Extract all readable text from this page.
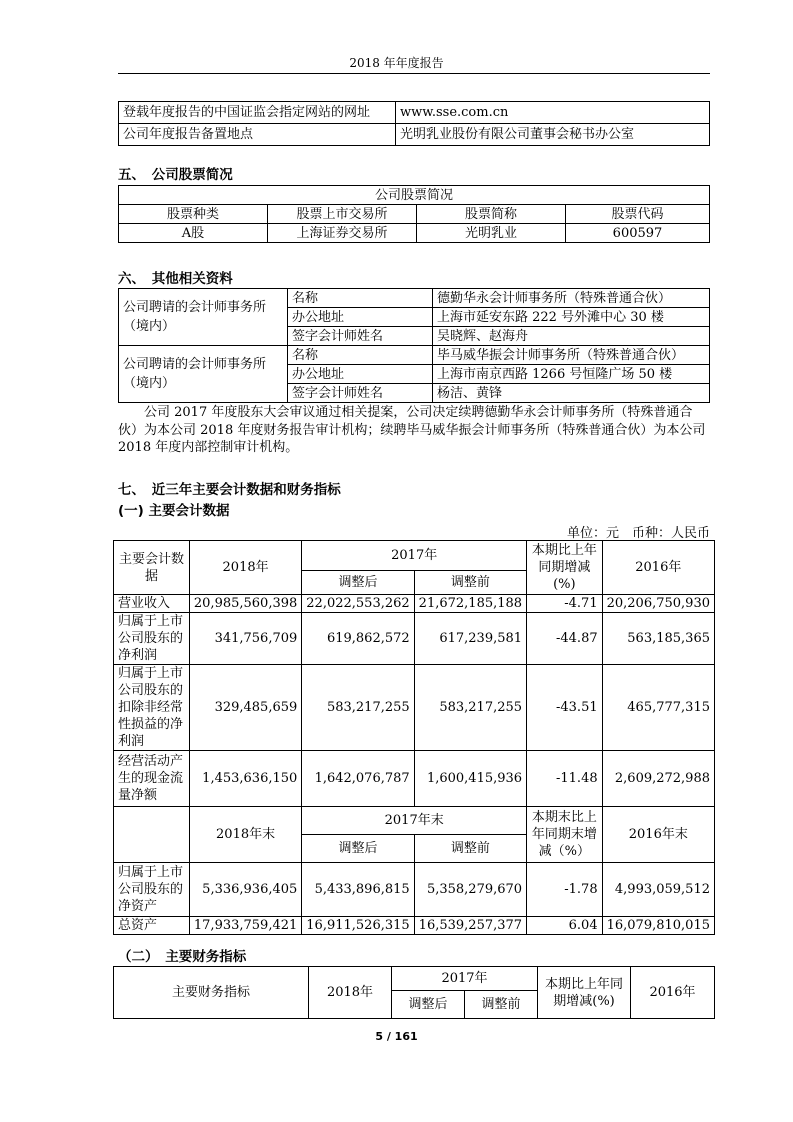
2018 年年度报告
登载年度报告的中国证监会指定网站的网址	www.sse.com.cn
公司年度报告备置地点	光明乳业股份有限公司董事会秘书办公室
五、　公司股票简况
公司股票简况			
股票种类	股票上市交易所	股票简称	股票代码
A股	上海证券交易所	光明乳业	600597
六、　其他相关资料
公司聘请的会计师事务所（境内）	名称	德勤华永会计师事务所（特殊普通合伙）
	办公地址	上海市延安东路 222 号外滩中心 30 楼
	签字会计师姓名	吴晓辉、赵海舟
公司聘请的会计师事务所（境内）	名称	毕马威华振会计师事务所（特殊普通合伙）
	办公地址	上海市南京西路 1266 号恒隆广场 50 楼
	签字会计师姓名	杨洁、黄锋
公司 2017 年度股东大会审议通过相关提案，公司决定续聘德勤华永会计师事务所（特殊普通合伙）为本公司 2018 年度财务报告审计机构；续聘毕马威华振会计师事务所（特殊普通合伙）为本公司 2018 年度内部控制审计机构。
七、　近三年主要会计数据和财务指标
(一) 主要会计数据
单位：元　币种：人民币
主要会计数据	2018年	2017年		本期比上年同期增减(%)	2016年
		调整后	调整前		
营业收入	20,985,560,398	22,022,553,262	21,672,185,188	-4.71	20,206,750,930
归属于上市公司股东的净利润	341,756,709	619,862,572	617,239,581	-44.87	563,185,365
归属于上市公司股东的扣除非经常性损益的净利润	329,485,659	583,217,255	583,217,255	-43.51	465,777,315
经营活动产生的现金流量净额	1,453,636,150	1,642,076,787	1,600,415,936	-11.48	2,609,272,988
	2018年末	2017年末		本期末比上年同期末增减（%）	2016年末
		调整后	调整前		
归属于上市公司股东的净资产	5,336,936,405	5,433,896,815	5,358,279,670	-1.78	4,993,059,512
总资产	17,933,759,421	16,911,526,315	16,539,257,377	6.04	16,079,810,015
（二）　主要财务指标
主要财务指标	2018年	2017年		本期比上年同期增减(%)	2016年
		调整后	调整前		
5 / 161
